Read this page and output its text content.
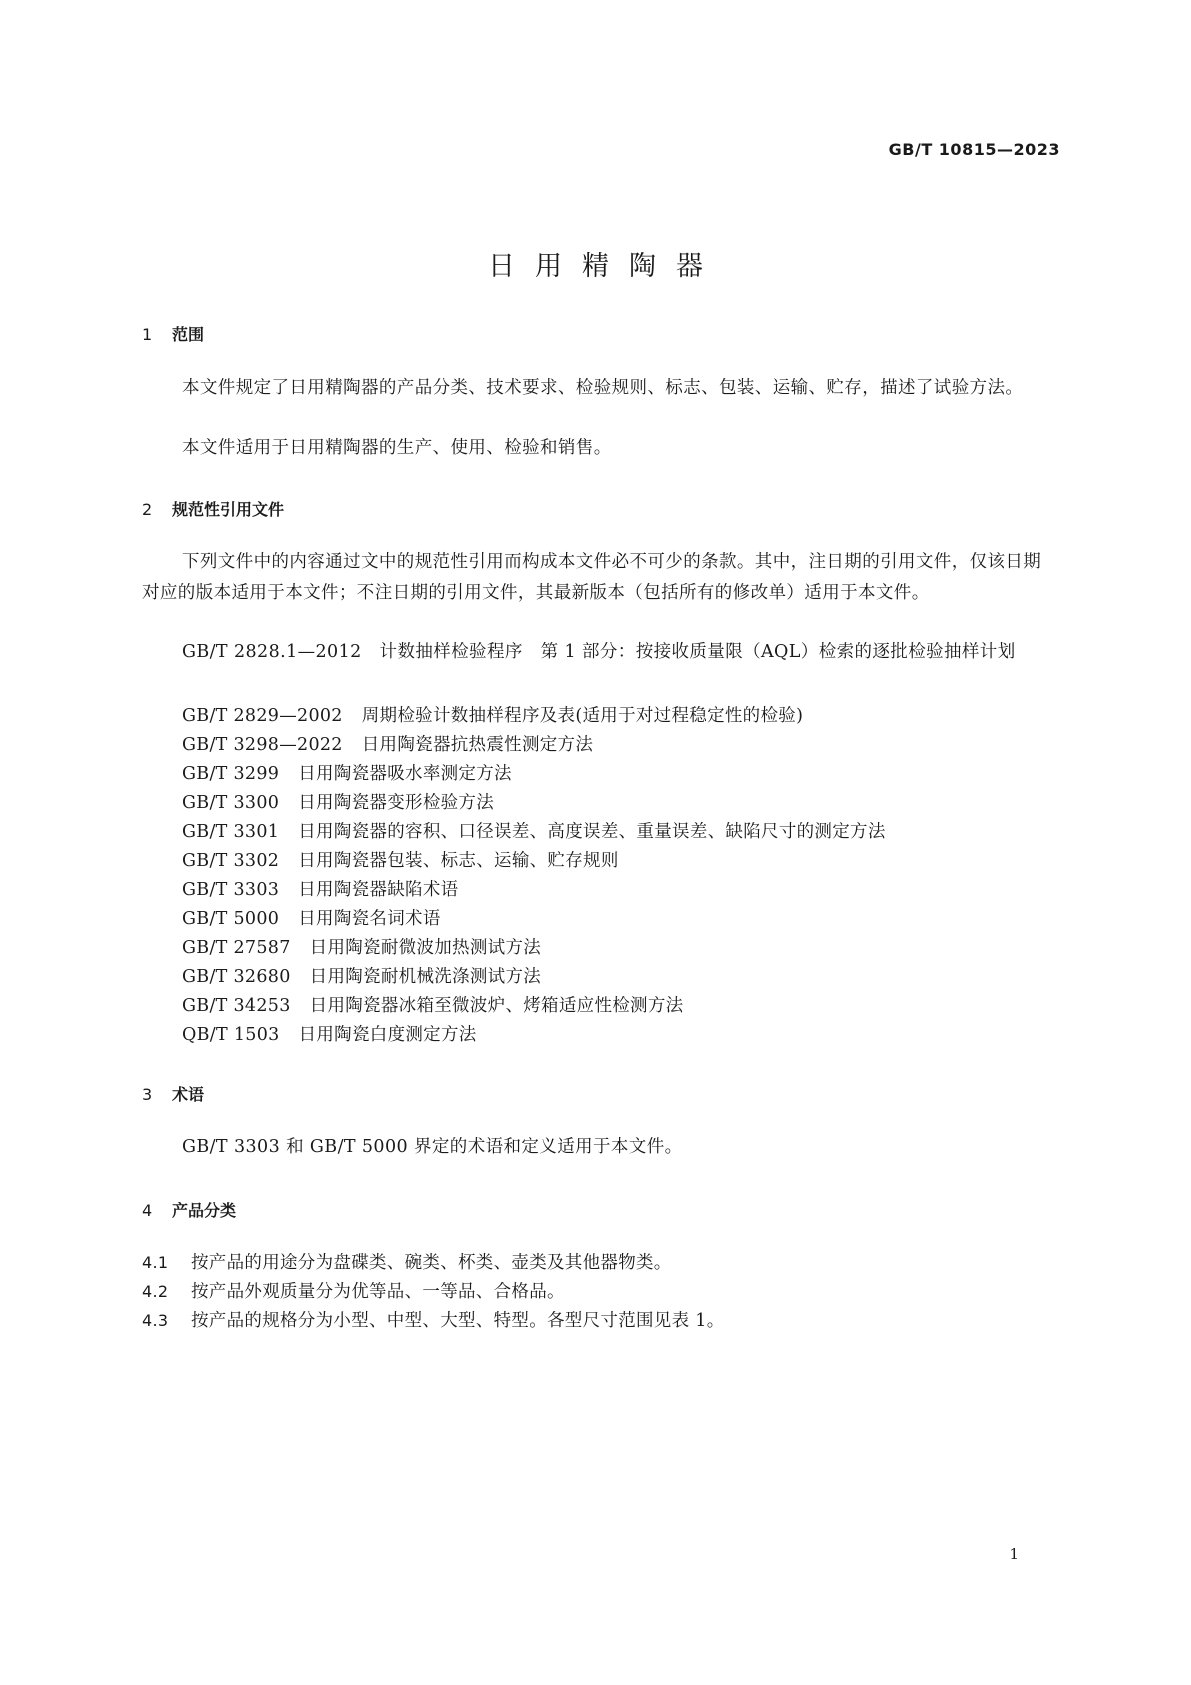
GB/T 10815—2023
日用精陶器
1 范围
本文件规定了日用精陶器的产品分类、技术要求、检验规则、标志、包装、运输、贮存，描述了试验方法。
本文件适用于日用精陶器的生产、使用、检验和销售。
2 规范性引用文件
下列文件中的内容通过文中的规范性引用而构成本文件必不可少的条款。其中，注日期的引用文件，仅该日期对应的版本适用于本文件；不注日期的引用文件，其最新版本（包括所有的修改单）适用于本文件。
GB/T 2828.1—2012　计数抽样检验程序　第 1 部分：按接收质量限（AQL）检索的逐批检验抽样计划
GB/T 2829—2002 周期检验计数抽样程序及表(适用于对过程稳定性的检验)
GB/T 3298—2022 日用陶瓷器抗热震性测定方法
GB/T 3299 日用陶瓷器吸水率测定方法
GB/T 3300 日用陶瓷器变形检验方法
GB/T 3301 日用陶瓷器的容积、口径误差、高度误差、重量误差、缺陷尺寸的测定方法
GB/T 3302 日用陶瓷器包装、标志、运输、贮存规则
GB/T 3303 日用陶瓷器缺陷术语
GB/T 5000 日用陶瓷名词术语
GB/T 27587 日用陶瓷耐微波加热测试方法
GB/T 32680 日用陶瓷耐机械洗涤测试方法
GB/T 34253 日用陶瓷器冰箱至微波炉、烤箱适应性检测方法
QB/T 1503 日用陶瓷白度测定方法
3 术语
GB/T 3303 和 GB/T 5000 界定的术语和定义适用于本文件。
4 产品分类
4.1 按产品的用途分为盘碟类、碗类、杯类、壶类及其他器物类。
4.2 按产品外观质量分为优等品、一等品、合格品。
4.3 按产品的规格分为小型、中型、大型、特型。各型尺寸范围见表 1。
1
